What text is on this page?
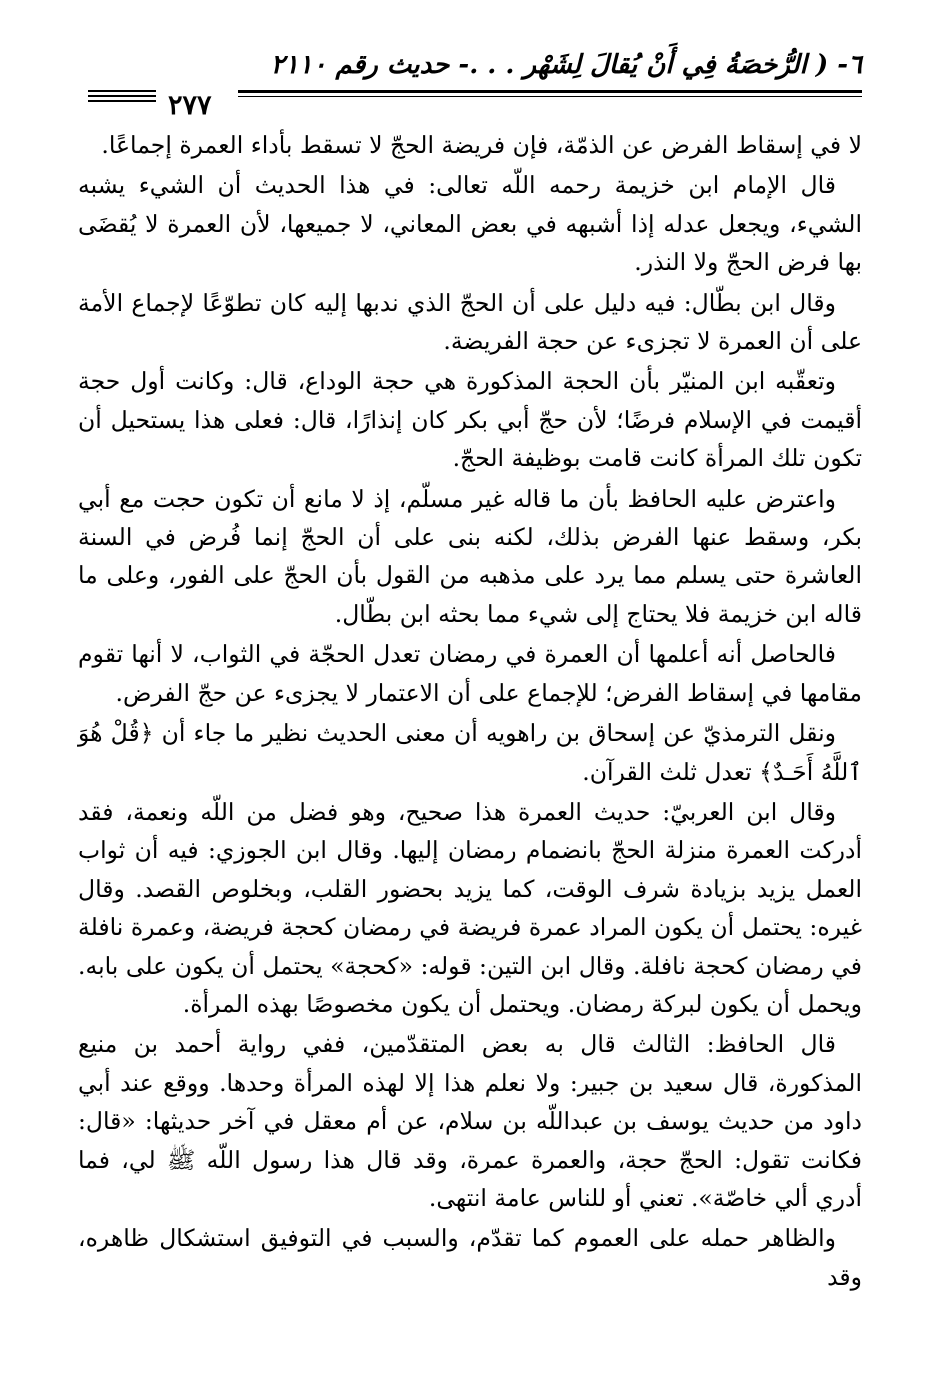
٦- ( الرُّخصَةُ فِي أَنْ يُقالَ لِشَهْر . . .- حديث رقم ٢١١٠
٢٧٧

لا في إسقاط الفرض عن الذمّة، فإن فريضة الحجّ لا تسقط بأداء العمرة إجماعًا.

قال الإمام ابن خزيمة رحمه اللّه تعالى: في هذا الحديث أن الشيء يشبه الشيء، ويجعل عدله إذا أشبهه في بعض المعاني، لا جميعها، لأن العمرة لا يُقضَى بها فرض الحجّ ولا النذر.

وقال ابن بطّال: فيه دليل على أن الحجّ الذي ندبها إليه كان تطوّعًا لإجماع الأمة على أن العمرة لا تجزىء عن حجة الفريضة.

وتعقّبه ابن المنيّر بأن الحجة المذكورة هي حجة الوداع، قال: وكانت أول حجة أقيمت في الإسلام فرضًا؛ لأن حجّ أبي بكر كان إنذارًا، قال: فعلى هذا يستحيل أن تكون تلك المرأة كانت قامت بوظيفة الحجّ.

واعترض عليه الحافظ بأن ما قاله غير مسلّم، إذ لا مانع أن تكون حجت مع أبي بكر، وسقط عنها الفرض بذلك، لكنه بنى على أن الحجّ إنما فُرض في السنة العاشرة حتى يسلم مما يرد على مذهبه من القول بأن الحجّ على الفور، وعلى ما قاله ابن خزيمة فلا يحتاج إلى شيء مما بحثه ابن بطّال.

فالحاصل أنه أعلمها أن العمرة في رمضان تعدل الحجّة في الثواب، لا أنها تقوم مقامها في إسقاط الفرض؛ للإجماع على أن الاعتمار لا يجزىء عن حجّ الفرض.

ونقل الترمذيّ عن إسحاق بن راهويه أن معنى الحديث نظير ما جاء أن ﴿قُلْ هُوَ ٱللَّهُ أَحَـدٌ﴾ تعدل ثلث القرآن.

وقال ابن العربيّ: حديث العمرة هذا صحيح، وهو فضل من اللّه ونعمة، فقد أدركت العمرة منزلة الحجّ بانضمام رمضان إليها. وقال ابن الجوزي: فيه أن ثواب العمل يزيد بزيادة شرف الوقت، كما يزيد بحضور القلب، وبخلوص القصد. وقال غيره: يحتمل أن يكون المراد عمرة فريضة في رمضان كحجة فريضة، وعمرة نافلة في رمضان كحجة نافلة. وقال ابن التين: قوله: «كحجة» يحتمل أن يكون على بابه. ويحمل أن يكون لبركة رمضان. ويحتمل أن يكون مخصوصًا بهذه المرأة.

قال الحافظ: الثالث قال به بعض المتقدّمين، ففي رواية أحمد بن منيع المذكورة، قال سعيد بن جبير: ولا نعلم هذا إلا لهذه المرأة وحدها. ووقع عند أبي داود من حديث يوسف بن عبداللّه بن سلام، عن أم معقل في آخر حديثها: «قال: فكانت تقول: الحجّ حجة، والعمرة عمرة، وقد قال هذا رسول اللّه ﷺ لي، فما أدري ألي خاصّة». تعني أو للناس عامة انتهى.

والظاهر حمله على العموم كما تقدّم، والسبب في التوفيق استشكال ظاهره، وقد
